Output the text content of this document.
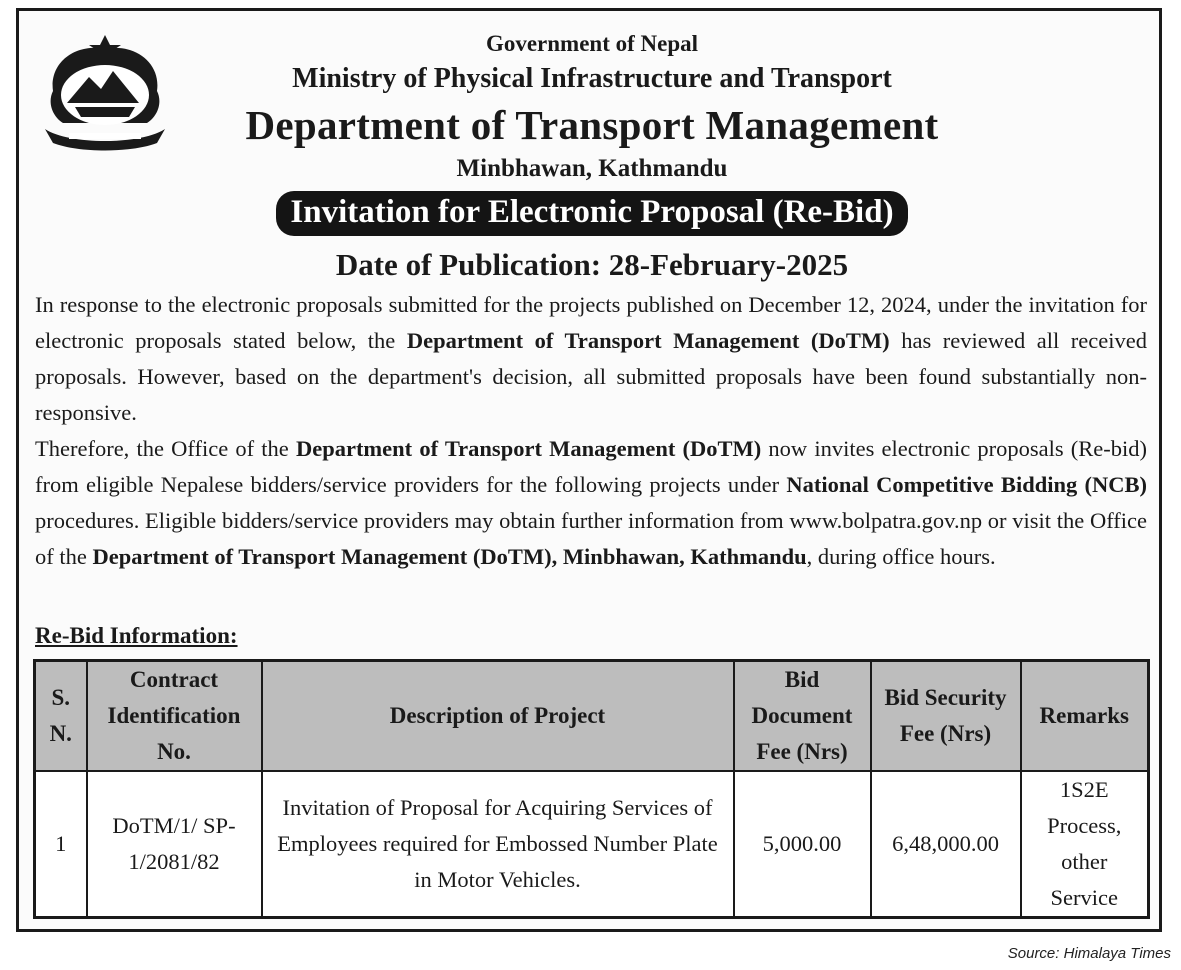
Government of Nepal
Ministry of Physical Infrastructure and Transport
Department of Transport Management
Minbhawan, Kathmandu
Invitation for Electronic Proposal (Re-Bid)
Date of Publication: 28-February-2025
In response to the electronic proposals submitted for the projects published on December 12, 2024, under the invitation for electronic proposals stated below, the Department of Transport Management (DoTM) has reviewed all received proposals. However, based on the department's decision, all submitted proposals have been found substantially non-responsive.
Therefore, the Office of the Department of Transport Management (DoTM) now invites electronic proposals (Re-bid) from eligible Nepalese bidders/service providers for the following projects under National Competitive Bidding (NCB) procedures. Eligible bidders/service providers may obtain further information from www.bolpatra.gov.np or visit the Office of the Department of Transport Management (DoTM), Minbhawan, Kathmandu, during office hours.
Re-Bid Information:
S. N.	Contract Identification No.	Description of Project	Bid Document Fee (Nrs)	Bid Security Fee (Nrs)	Remarks
1	DoTM/1/ SP-1/2081/82	Invitation of Proposal for Acquiring Services of Employees required for Embossed Number Plate in Motor Vehicles.	5,000.00	6,48,000.00	1S2E Process, other Service
Source: Himalaya Times
